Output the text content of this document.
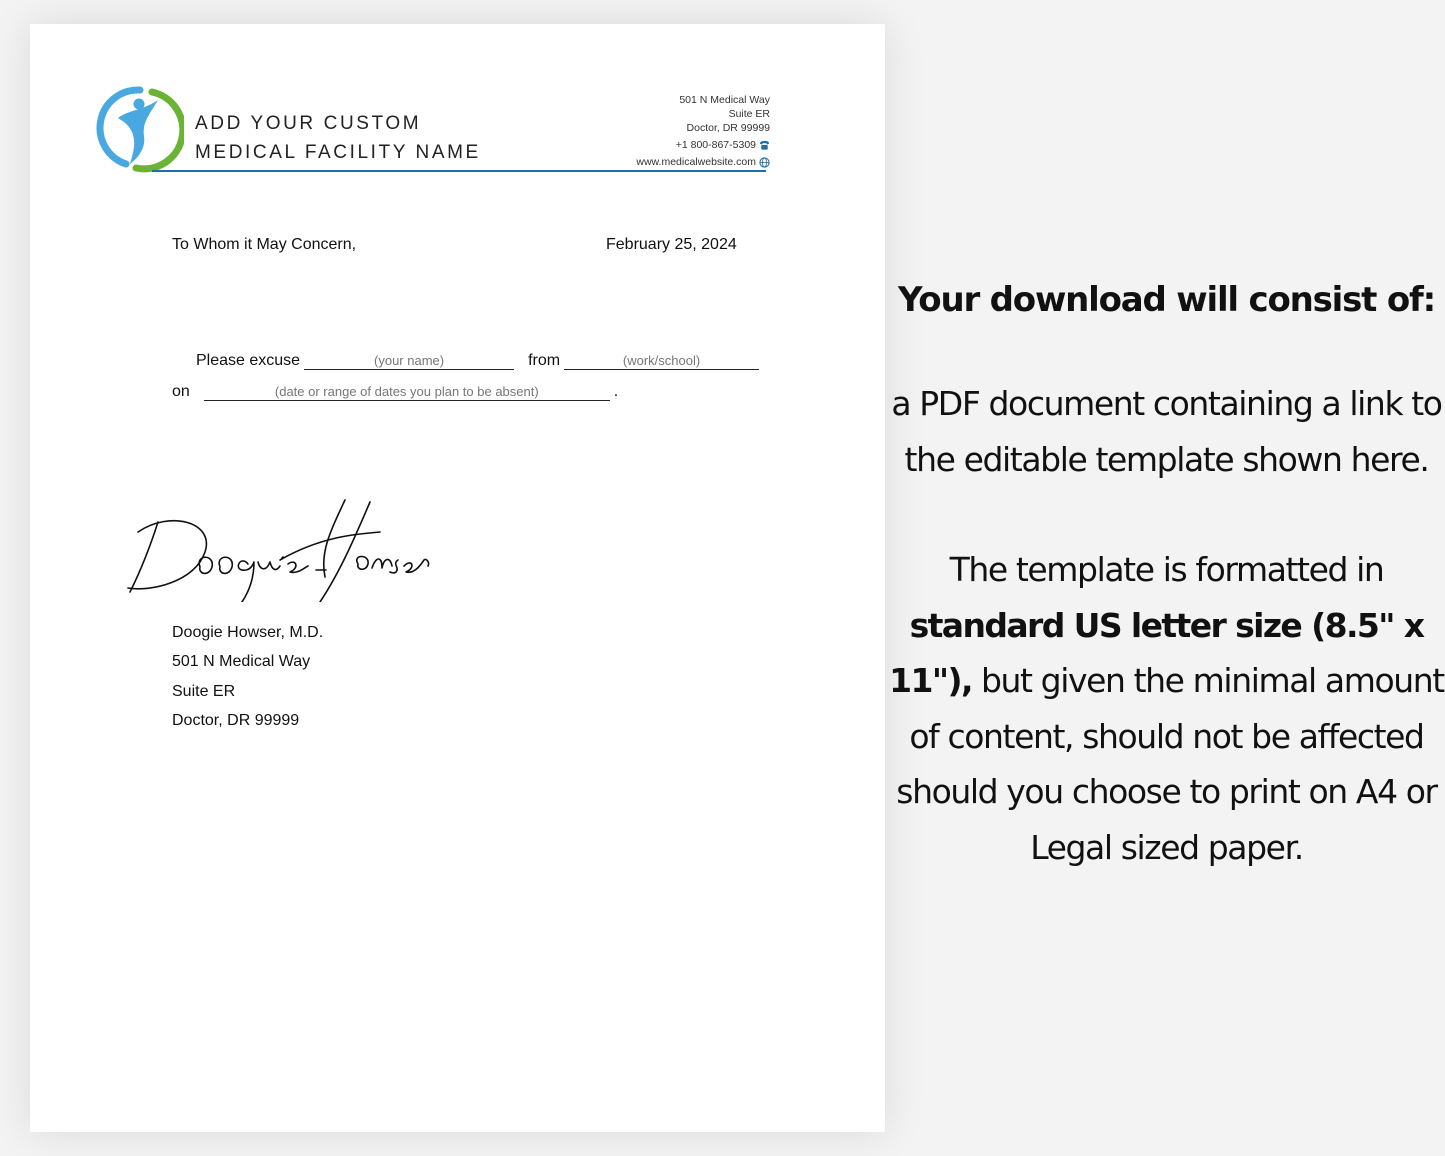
ADD YOUR CUSTOM
MEDICAL FACILITY NAME
501 N Medical Way
Suite ER
Doctor, DR 99999
+1 800-867-5309
www.medicalwebsite.com
To Whom it May Concern,	February 25, 2024
Please excuse	(your name)	from	(work/school)
on	(date or range of dates you plan to be absent)	.
Doogie Howser, M.D.
501 N Medical Way
Suite ER
Doctor, DR 99999
Your download will consist of:

a PDF document containing a link to the editable template shown here.

The template is formatted in standard US letter size (8.5" x 11"), but given the minimal amount of content, should not be affected should you choose to print on A4 or Legal sized paper.
